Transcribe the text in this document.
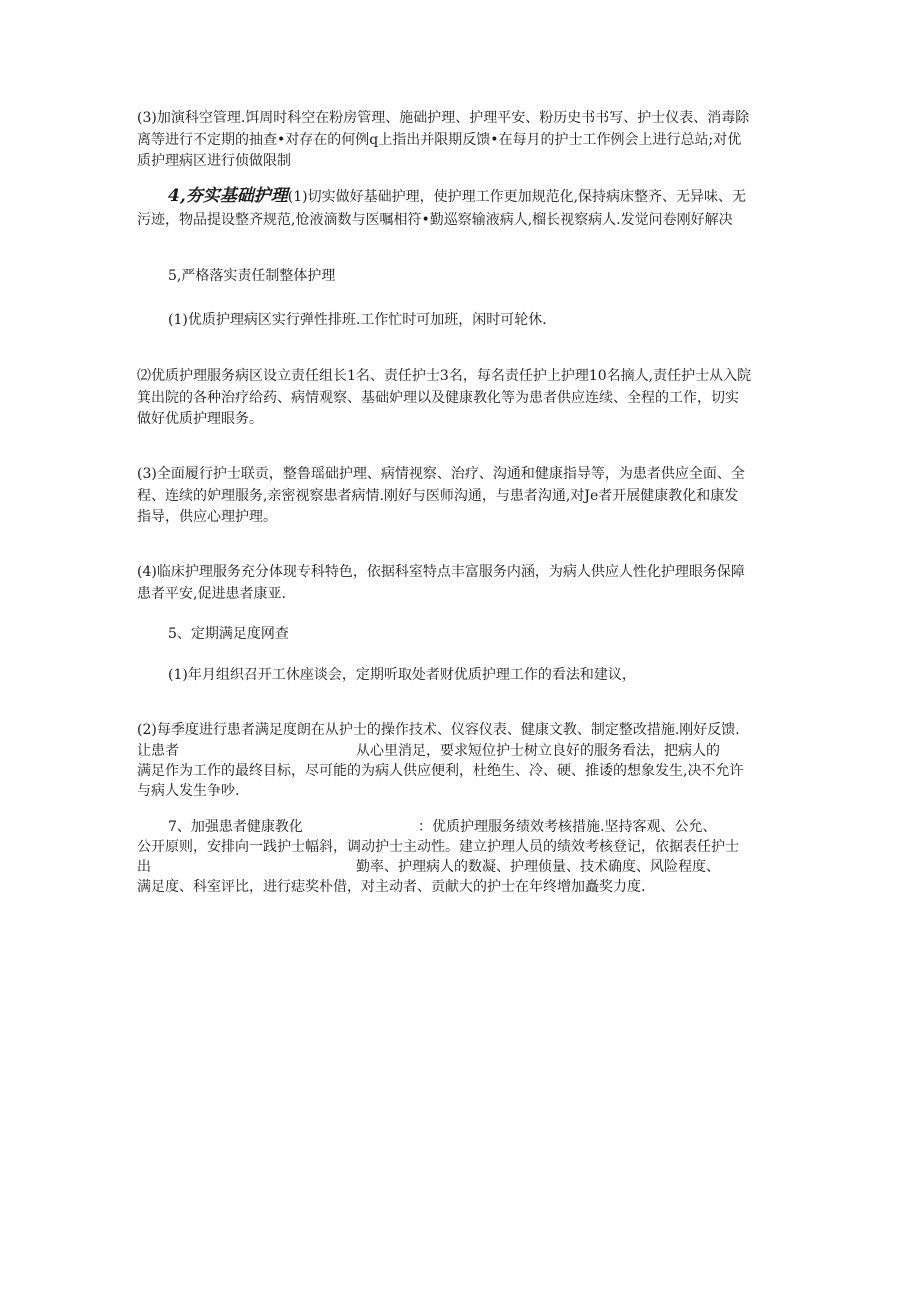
(3)加演科空管理.饵周时科空在粉房管理、施础护理、护理平安、粉历史书书写、护士仪表、消毒除
离等进行不定期的抽查•对存在的何例q上指出并限期反馈•在每月的护士工作例会上进行总站;对优
质护理病区进行侦做限制
4,夯实基础护理(1)切实做好基础护理，使护理工作更加规范化,保持病床整齐、无异味、无
污迹，物品提设整齐规范,怆液滴数与医嘱相符•勤巡察输液病人,榴长视察病人.发觉问卷刚好解决
5,严格落实责任制整体护理
(1)优质护理病区实行弹性排班.工作忙时可加班，闲时可轮休.
⑵优质护理服务病区设立责任组长1名、责任护士3名，每名责任护上护理10名摘人,责任护士从入院
箕出院的各种治疗给药、病情观察、基础妒理以及健康教化等为患者供应连续、全程的工作，切实
做好优质护理眼务。
(3)全面履行护士联贡，整鲁瑶础护理、病情视察、治疗、沟通和健康指导等，为患者供应全面、全
程、连续的妒理服务,亲密视察患者病情.刚好与医师沟通，与患者沟通,对Je者开展健康教化和康发
指导，供应心理护理。
(4)临床护理服务充分体现专科特色，依据科室特点丰富服务内涵，为病人供应人性化护理眼务保障
患者平安,促进患者康亚.
5、定期满足度网查
(1)年月组织召开工休座谈会，定期听取处者财优质护理工作的看法和建议，
(2)每季度进行患者满足度朗在从护士的操作技术、仪容仪表、健康文教、制定整改措施.刚好反馈.
让患者	从心里消足，要求短位护士树立良好的服务看法，把病人的
满足作为工作的最终目标，尽可能的为病人供应便利，杜绝生、冷、硬、推诿的想象发生,决不允许
与病人发生争吵.
7、加强患者健康教化	：优质护理服务绩效考核措施.坚持客观、公允、
公开原则，安排向一践护士幅斜，调动护士主动性。建立护理人员的绩效考核登记，依据表任护士
出	勤率、护理病人的数凝、护理侦量、技术确度、风险程度、
满足度、科室评比，进行痣奖朴借，对主动者、贡献大的护士在年终增加矗奖力度.
